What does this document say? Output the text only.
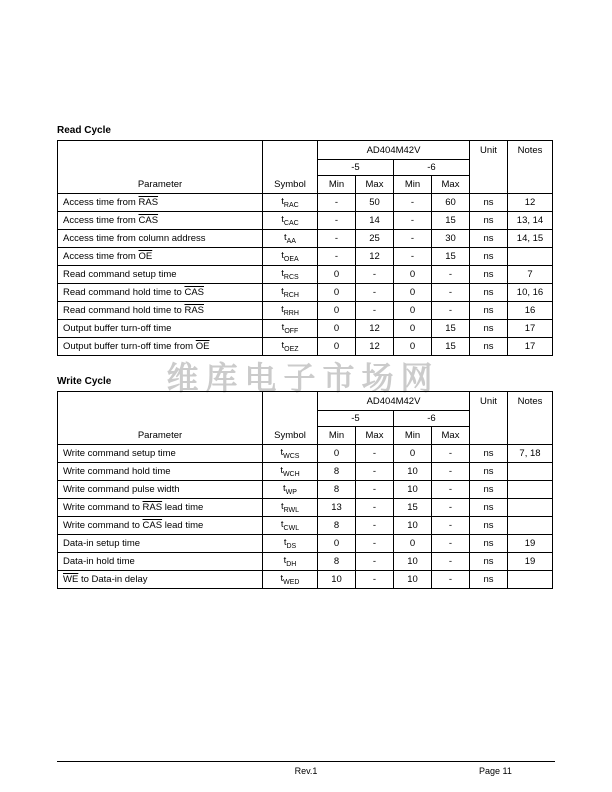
维库电子市场网
Read Cycle
Parameter	Symbol	AD404M42V				Unit	Notes
		-5		-6			
		Min	Max	Min	Max		
Access time from $\overline{RAS}$	$t_{RAC}$	-	50	-	60	ns	12
Access time from $\overline{CAS}$	$t_{CAC}$	-	14	-	15	ns	13, 14
Access time from column address	$t_{AA}$	-	25	-	30	ns	14, 15
Access time from $\overline{OE}$	$t_{OEA}$	-	12	-	15	ns	
Read command setup time	$t_{RCS}$	0	-	0	-	ns	7
Read command hold time to $\overline{CAS}$	$t_{RCH}$	0	-	0	-	ns	10, 16
Read command hold time to $\overline{RAS}$	$t_{RRH}$	0	-	0	-	ns	16
Output buffer turn-off time	$t_{OFF}$	0	12	0	15	ns	17
Output buffer turn-off time from $\overline{OE}$	$t_{OEZ}$	0	12	0	15	ns	17
Write Cycle
Parameter	Symbol	AD404M42V				Unit	Notes
		-5		-6			
		Min	Max	Min	Max		
Write command setup time	$t_{WCS}$	0	-	0	-	ns	7, 18
Write command hold time	$t_{WCH}$	8	-	10	-	ns	
Write command pulse width	$t_{WP}$	8	-	10	-	ns	
Write command to $\overline{RAS}$ lead time	$t_{RWL}$	13	-	15	-	ns	
Write command to $\overline{CAS}$ lead time	$t_{CWL}$	8	-	10	-	ns	
Data-in setup time	$t_{DS}$	0	-	0	-	ns	19
Data-in hold time	$t_{DH}$	8	-	10	-	ns	19
$\overline{WE}$ to Data-in delay	$t_{WED}$	10	-	10	-	ns	
Rev.1	Page 11
